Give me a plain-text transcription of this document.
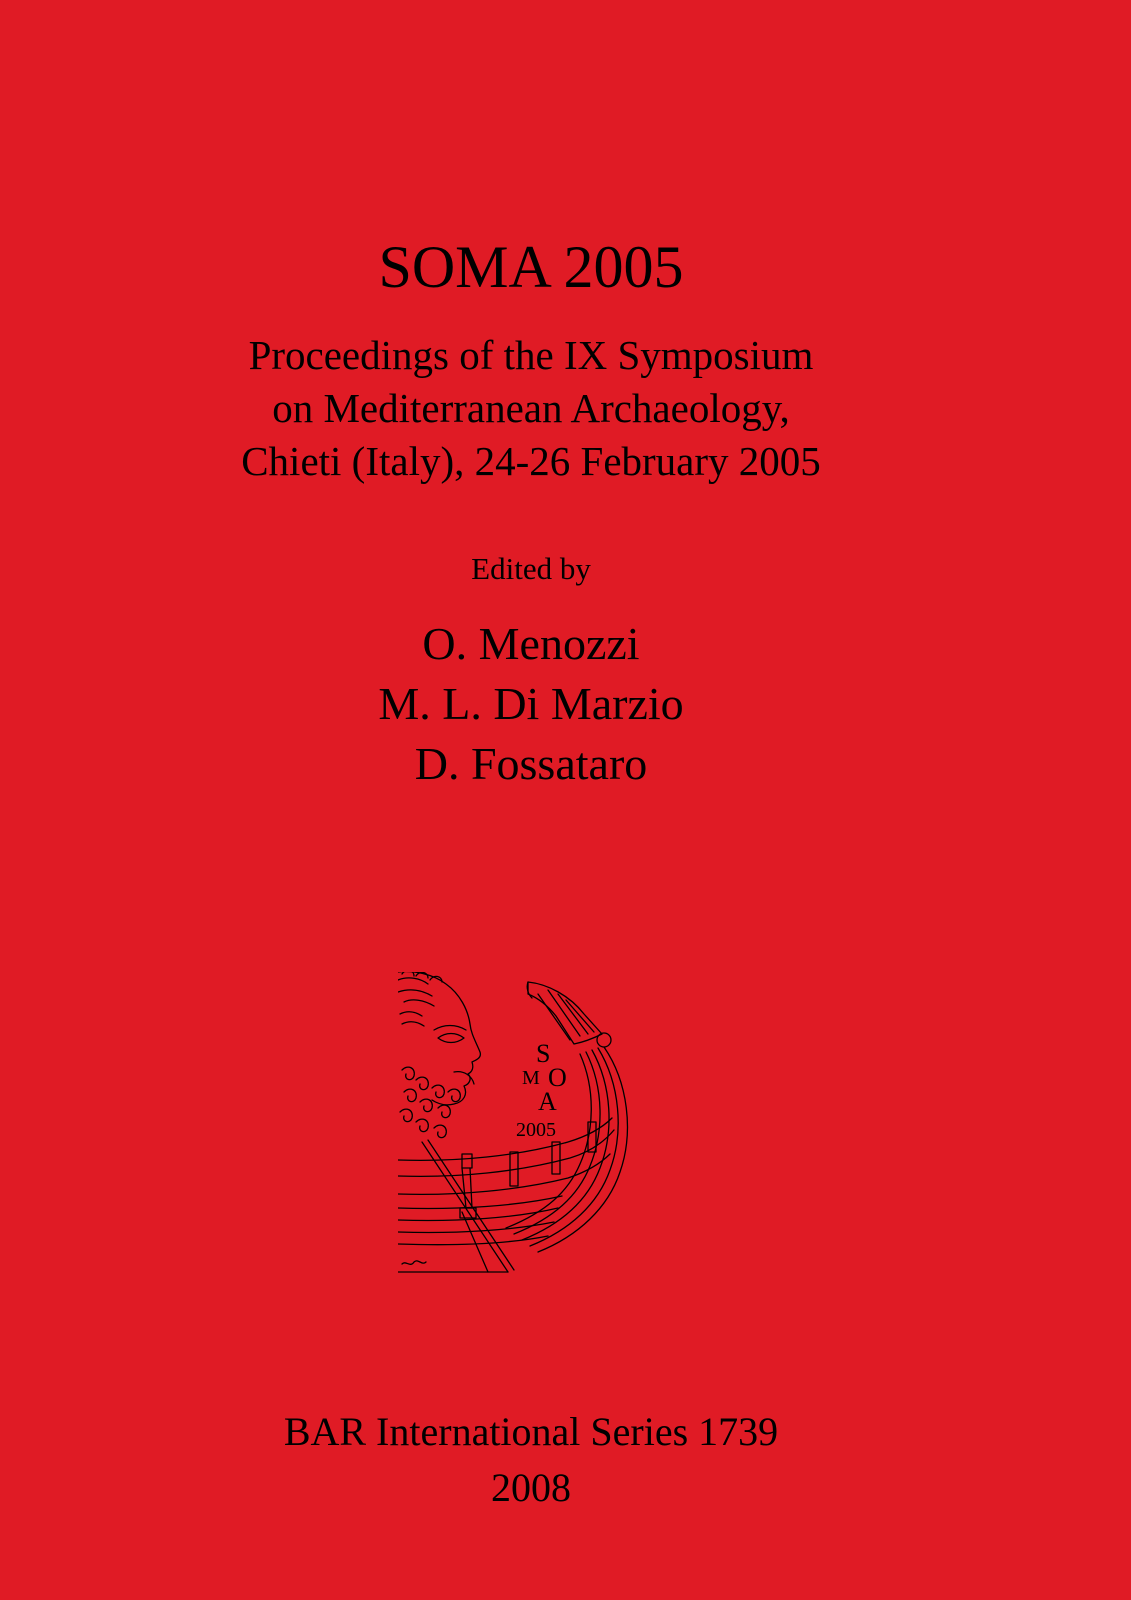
SOMA 2005
Proceedings of the IX Symposium
on Mediterranean Archaeology,
Chieti (Italy), 24-26 February 2005
Edited by
O. Menozzi
M. L. Di Marzio
D. Fossataro
S
O
M
A
2005
BAR International Series 1739
2008
